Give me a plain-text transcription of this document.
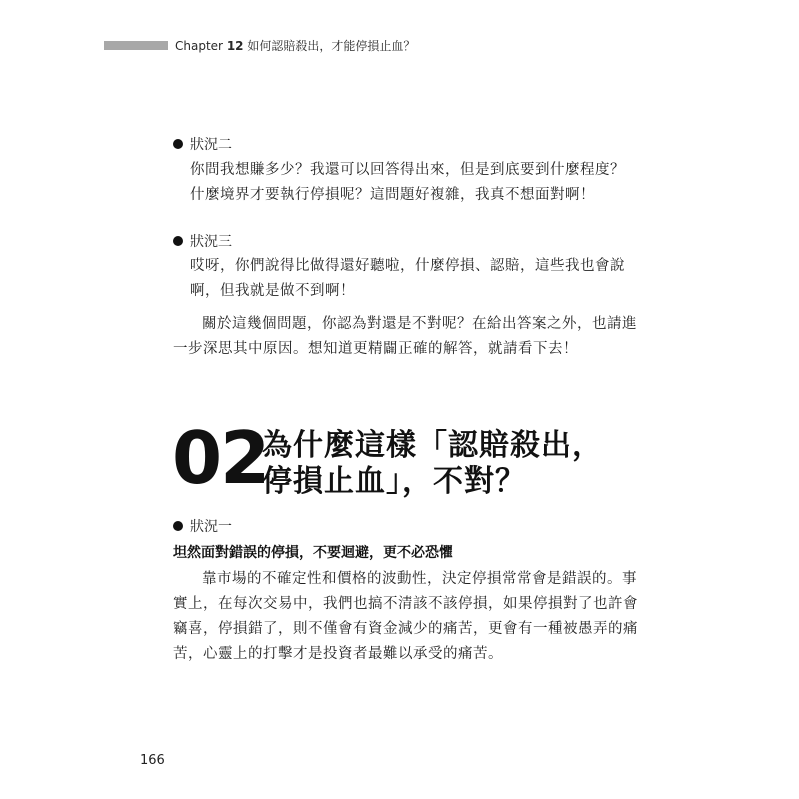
Chapter 12 如何認賠殺出，才能停損止血？
狀況二
你問我想賺多少？我還可以回答得出來，但是到底要到什麼程度？什麼境界才要執行停損呢？這問題好複雜，我真不想面對啊！
狀況三
哎呀，你們說得比做得還好聽啦，什麼停損、認賠，這些我也會說啊，但我就是做不到啊！
關於這幾個問題，你認為對還是不對呢？在給出答案之外，也請進一步深思其中原因。想知道更精闢正確的解答，就請看下去！
02
為什麼這樣「認賠殺出，
停損止血」，不對？
狀況一
坦然面對錯誤的停損，不要迴避，更不必恐懼
靠市場的不確定性和價格的波動性，決定停損常常會是錯誤的。事實上，在每次交易中，我們也搞不清該不該停損，如果停損對了也許會竊喜，停損錯了，則不僅會有資金減少的痛苦，更會有一種被愚弄的痛苦，心靈上的打擊才是投資者最難以承受的痛苦。
166
